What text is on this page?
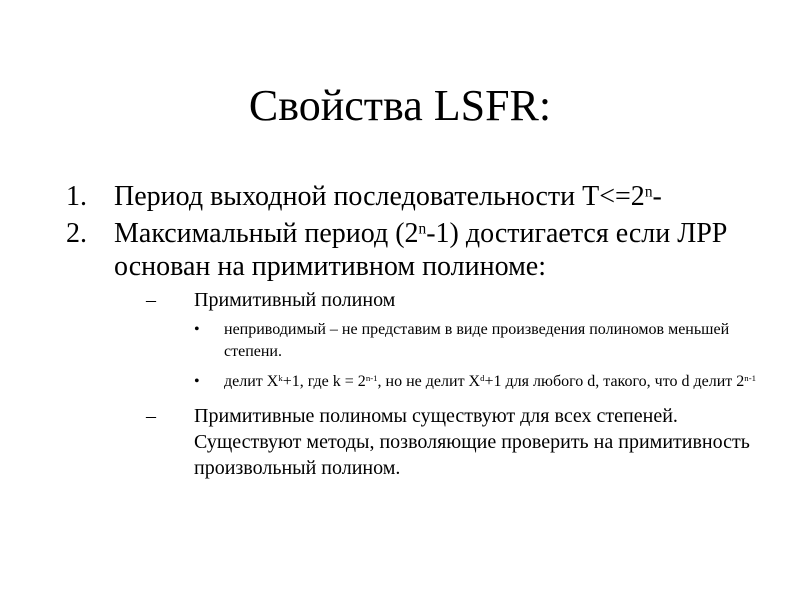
Свойства LSFR:
1. Период выходной последовательности $T<=2^n-$
2. Максимальный период (2$^n$-1) достигается если ЛРР основан на примитивном полиноме:
– Примитивный полином
• неприводимый – не представим в виде произведения полиномов меньшей степени.
• делит $X^k+1$, где $k = 2^{n-1}$, но не делит $X^d+1$ для любого d, такого, что d делит 2$^{n-1}$
– Примитивные полиномы существуют для всех степеней. Существуют методы, позволяющие проверить на примитивность произвольный полином.
